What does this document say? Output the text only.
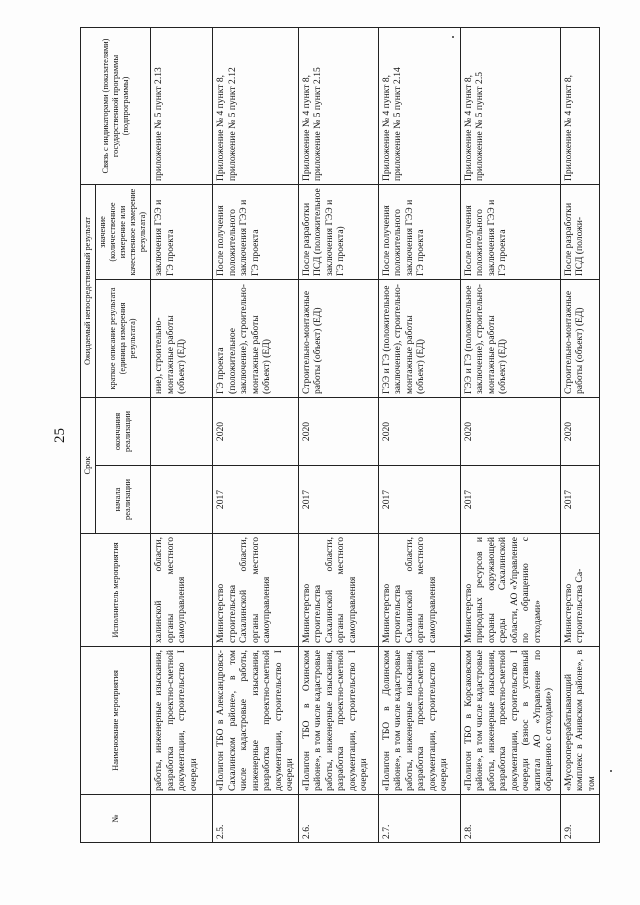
25
№	Наименование мероприятия	Исполнитель мероприятия	Срок		Ожидаемый непосредственный результат		Связь с индикаторами (показателями) государственной программы (подпрограммы)
			начала реализации	окончания реализации	краткое описание результата (единица измерения результата)	значение (количественное измерение или качественное измерение результата)	
	работы, инженерные изыскания, разработка проектно-сметной документации, строительство I очереди	халинской области, органы местного самоуправления			ние), строительно-монтажные работы (объект) (ЕД)	заключения ГЭЭ и ГЭ проекта	приложение № 5 пункт 2.13
2.5.	«Полигон ТБО в Александровск-Сахалинском районе», в том числе кадастровые работы, инженерные изыскания, разработка проектно-сметной документации, строительство I очереди	Министерство строительства Сахалинской области, органы местного самоуправления	2017	2020	ГЭ проекта (положительное заключение), строительно-монтажные работы (объект) (ЕД)	После получения положительного заключения ГЭЭ и ГЭ проекта	Приложение № 4 пункт 8, приложение № 5 пункт 2.12
2.6.	«Полигон ТБО в Охинском районе», в том числе кадастровые работы, инженерные изыскания, разработка проектно-сметной документации, строительство I очереди	Министерство строительства Сахалинской области, органы местного самоуправления	2017	2020	Строительно-монтажные работы (объект) (ЕД)	После разработки ПСД (положительное заключения ГЭЭ и ГЭ проекта)	Приложение № 4 пункт 8, приложение № 5 пункт 2.15
2.7.	«Полигон ТБО в Долинском районе», в том числе кадастровые работы, инженерные изыскания, разработка проектно-сметной документации, строительство I очереди	Министерство строительства Сахалинской области, органы местного самоуправления	2017	2020	ГЭЭ и ГЭ (положительное заключение), строительно-монтажные работы (объект) (ЕД)	После получения положительного заключения ГЭЭ и ГЭ проекта	Приложение № 4 пункт 8, приложение № 5 пункт 2.14
2.8.	«Полигон ТБО в Корсаковском районе», в том числе кадастровые работы, инженерные изыскания, разработка проектно-сметной документации, строительство I очереди (взнос в уставный капитал АО «Управление по обращению с отходами»)	Министерство природных ресурсов и охраны окружающей среды Сахалинской области, АО «Управление по обращению с отходами»	2017	2020	ГЭЭ и ГЭ (положительное заключение), строительно-монтажные работы (объект) (ЕД)	После получения положительного заключения ГЭЭ и ГЭ проекта	Приложение № 4 пункт 8, приложение № 5 пункт 2.5
2.9.	«Мусороперерабатывающий комплекс в Анивском районе», в том	Министерство строительства Са-	2017	2020	Строительно-монтажные работы (объект) (ЕД)	После разработки ПСД (положи-	Приложение № 4 пункт 8,
